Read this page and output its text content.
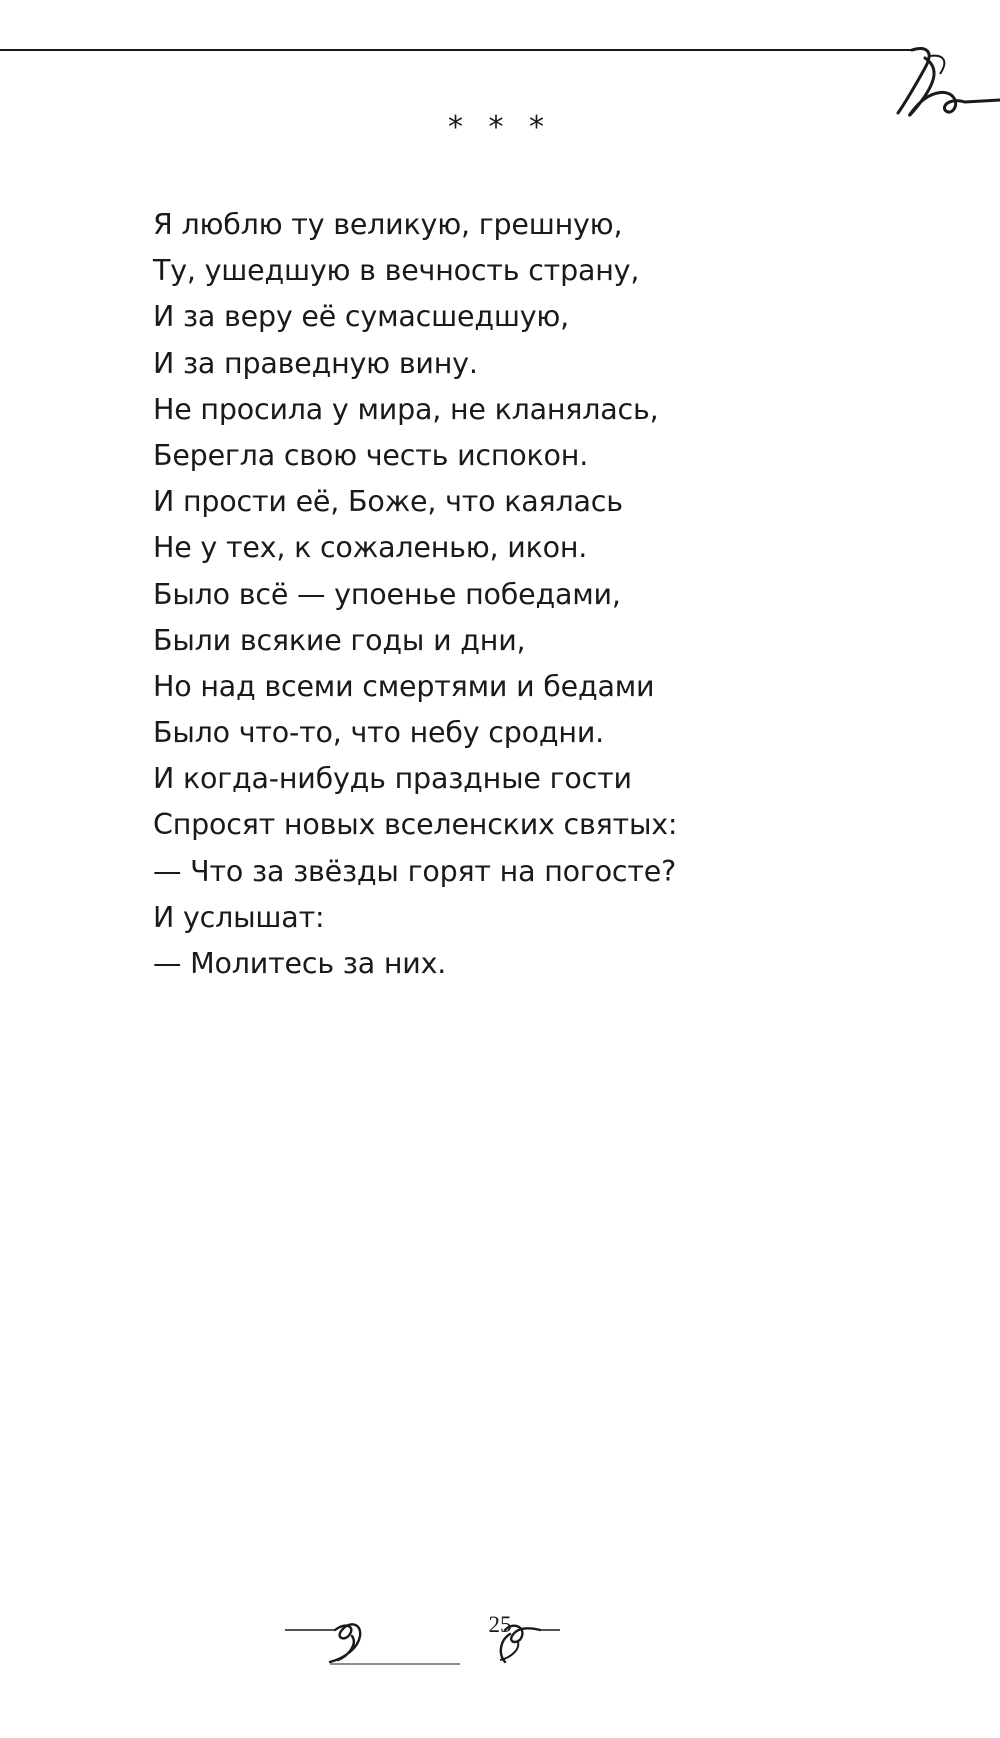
* * *
Я люблю ту великую, грешную,
Ту, ушедшую в вечность страну,
И за веру её сумасшедшую,
И за праведную вину.
Не просила у мира, не кланялась,
Берегла свою честь испокон.
И прости её, Боже, что каялась
Не у тех, к сожаленью, икон.
Было всё — упоенье победами,
Были всякие годы и дни,
Но над всеми смертями и бедами
Было что-то, что небу сродни.
И когда-нибудь праздные гости
Спросят новых вселенских святых:
— Что за звёзды горят на погосте?
И услышат:
— Молитесь за них.
25
